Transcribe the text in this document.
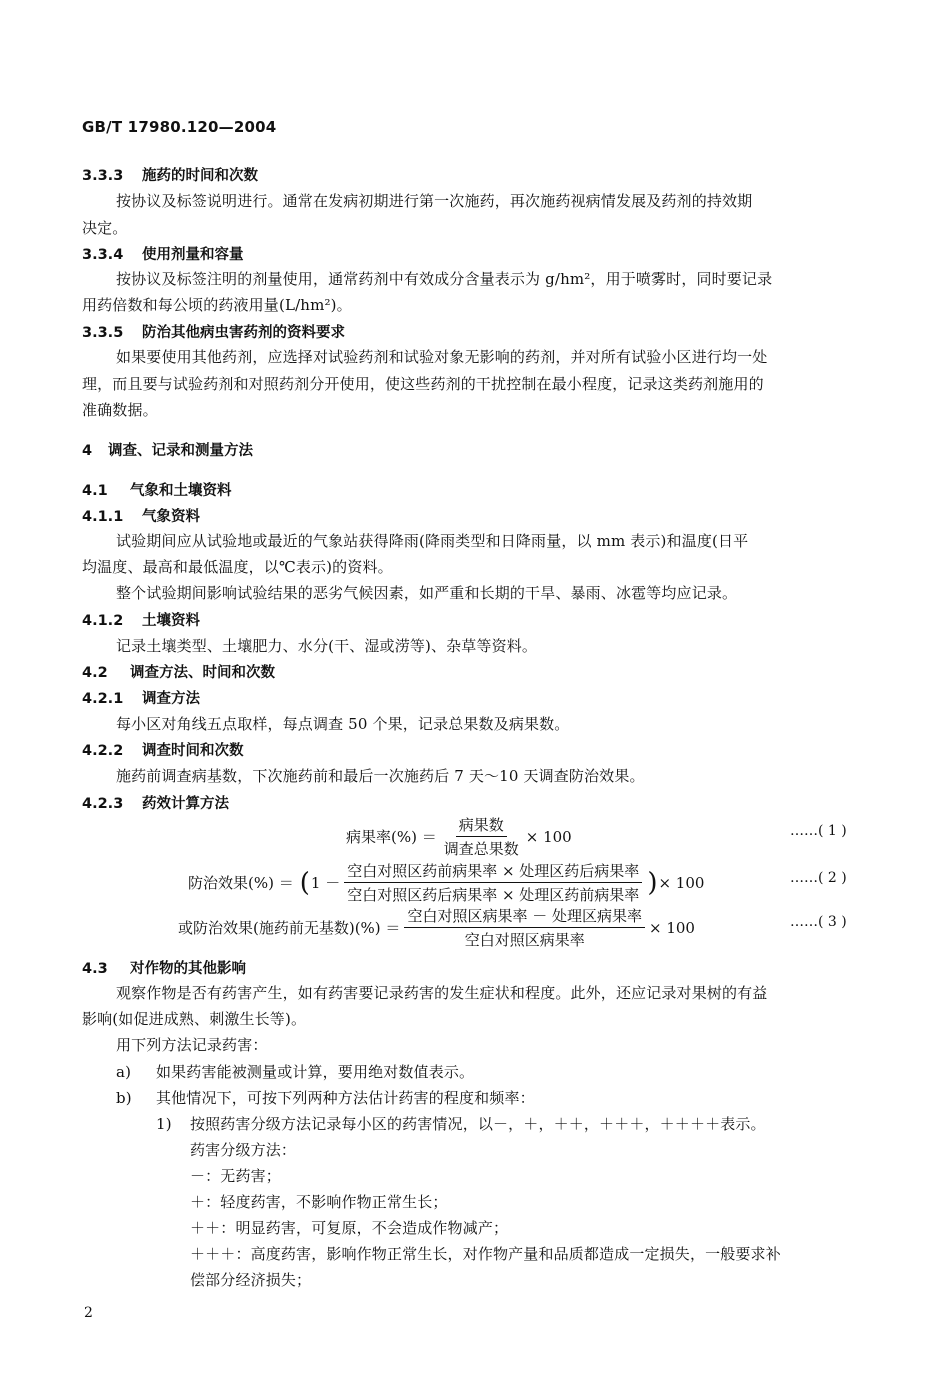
GB/T 17980.120—2004
3.3.3 施药的时间和次数
按协议及标签说明进行。通常在发病初期进行第一次施药，再次施药视病情发展及药剂的持效期
决定。
3.3.4 使用剂量和容量
按协议及标签注明的剂量使用，通常药剂中有效成分含量表示为 g/hm²，用于喷雾时，同时要记录
用药倍数和每公顷的药液用量(L/hm²)。
3.3.5 防治其他病虫害药剂的资料要求
如果要使用其他药剂，应选择对试验药剂和试验对象无影响的药剂，并对所有试验小区进行均一处
理，而且要与试验药剂和对照药剂分开使用，使这些药剂的干扰控制在最小程度，记录这类药剂施用的
准确数据。
4 调查、记录和测量方法
4.1 气象和土壤资料
4.1.1 气象资料
试验期间应从试验地或最近的气象站获得降雨(降雨类型和日降雨量，以 mm 表示)和温度(日平
均温度、最高和最低温度，以℃表示)的资料。
整个试验期间影响试验结果的恶劣气候因素，如严重和长期的干旱、暴雨、冰雹等均应记录。
4.1.2 土壤资料
记录土壤类型、土壤肥力、水分(干、湿或涝等)、杂草等资料。
4.2 调查方法、时间和次数
4.2.1 调查方法
每小区对角线五点取样，每点调查 50 个果，记录总果数及病果数。
4.2.2 调查时间和次数
施药前调查病基数，下次施药前和最后一次施药后 7 天～10 天调查防治效果。
4.2.3 药效计算方法
病果率(%) ＝ $\frac{\text{病果数}}{\text{调查总果数}} \times 100$	……( 1 )
防治效果(%) ＝ ( $1 - \frac{\text{空白对照区药前病果率 × 处理区药后病果率}}{\text{空白对照区药后病果率 × 处理区药前病果率}}$ ) × 100	……( 2 )
或防治效果(施药前无基数)(%) ＝ $\frac{\text{空白对照区病果率 － 处理区病果率}}{\text{空白对照区病果率}} \times 100$	……( 3 )
4.3 对作物的其他影响
观察作物是否有药害产生，如有药害要记录药害的发生症状和程度。此外，还应记录对果树的有益
影响(如促进成熟、刺激生长等)。
用下列方法记录药害：
a) 如果药害能被测量或计算，要用绝对数值表示。
b) 其他情况下，可按下列两种方法估计药害的程度和频率：
1) 按照药害分级方法记录每小区的药害情况，以－，＋，＋＋，＋＋＋，＋＋＋＋表示。
药害分级方法：
－：无药害；
＋：轻度药害，不影响作物正常生长；
＋＋：明显药害，可复原，不会造成作物减产；
＋＋＋：高度药害，影响作物正常生长，对作物产量和品质都造成一定损失，一般要求补
偿部分经济损失；
2
